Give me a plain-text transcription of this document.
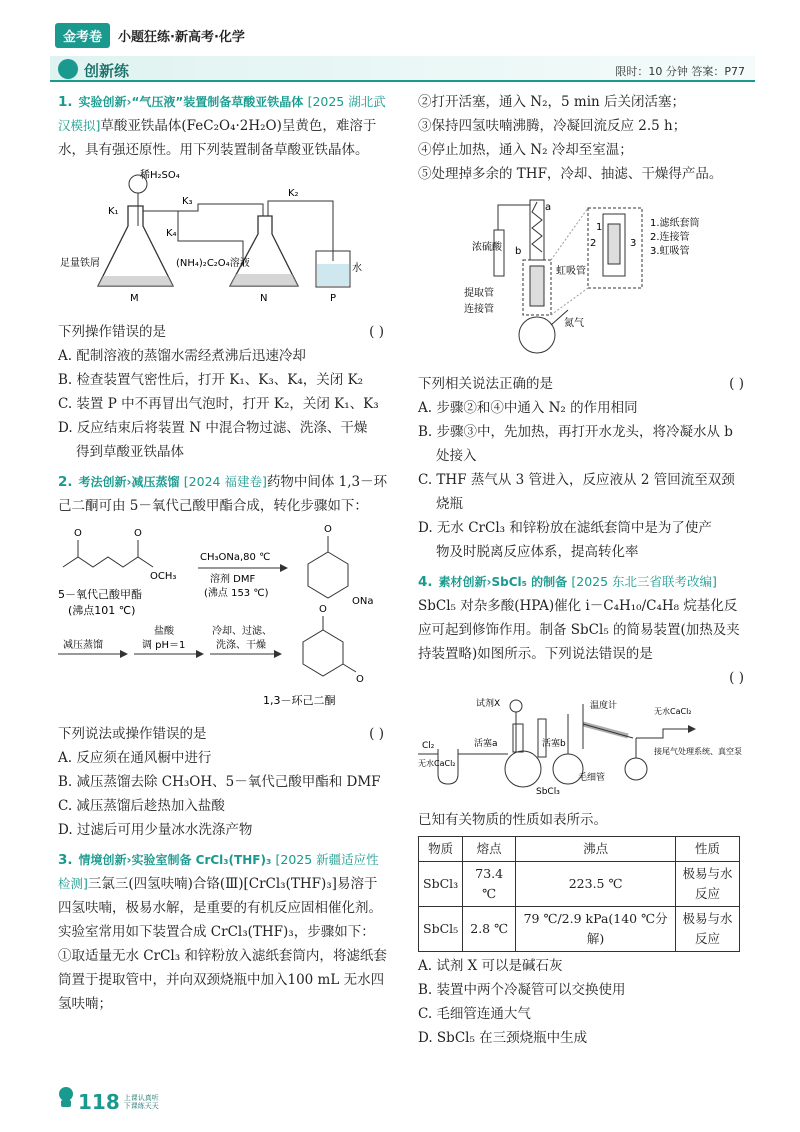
金考卷	小题狂练·新高考·化学
创新练	限时：10 分钟 答案：P77
1. 实验创新›“气压液”装置制备草酸亚铁晶体 [2025 湖北武汉模拟]草酸亚铁晶体(FeC₂O₄·2H₂O)呈黄色，难溶于水，具有强还原性。用下列装置制备草酸亚铁晶体。
稀H₂SO₄
K₁
K₃
K₂
K₄
足量铁屑	(NH₄)₂C₂O₄溶液	水
M	N	P
下列操作错误的是	( )
A. 配制溶液的蒸馏水需经煮沸后迅速冷却
B. 检查装置气密性后，打开 K₁、K₃、K₄，关闭 K₂
C. 装置 P 中不再冒出气泡时，打开 K₂，关闭 K₁、K₃
D. 反应结束后将装置 N 中混合物过滤、洗涤、干燥
得到草酸亚铁晶体
2. 考法创新›减压蒸馏 [2024 福建卷]药物中间体 1,3－环己二酮可由 5－氧代己酸甲酯合成，转化步骤如下：
O	O
OCH₃
5－氧代己酸甲酯
(沸点101 ℃)
CH₃ONa,80 ℃
溶剂 DMF
(沸点 153 ℃)
O
ONa
减压蒸馏
盐酸
调 pH＝1
冷却、过滤、
洗涤、干燥
O
O
1,3－环己二酮
下列说法或操作错误的是	( )
A. 反应须在通风橱中进行
B. 减压蒸馏去除 CH₃OH、5－氧代己酸甲酯和 DMF
C. 减压蒸馏后趁热加入盐酸
D. 过滤后可用少量冰水洗涤产物
3. 情境创新›实验室制备 CrCl₃(THF)₃ [2025 新疆适应性检测]三氯三(四氢呋喃)合铬(Ⅲ)[CrCl₃(THF)₃]易溶于四氢呋喃，极易水解，是重要的有机反应固相催化剂。实验室常用如下装置合成 CrCl₃(THF)₃，步骤如下：
①取适量无水 CrCl₃ 和锌粉放入滤纸套筒内，将滤纸套筒置于提取管中，并向双颈烧瓶中加入100 mL 无水四氢呋喃；
②打开活塞，通入 N₂，5 min 后关闭活塞；
③保持四氢呋喃沸腾，冷凝回流反应 2.5 h；
④停止加热，通入 N₂ 冷却至室温；
⑤处理掉多余的 THF，冷却、抽滤、干燥得产品。
a
b
浓硫酸
虹吸管
提取管
连接管
氮气
1
2	3
1.滤纸套筒
2.连接管
3.虹吸管
下列相关说法正确的是	( )
A. 步骤②和④中通入 N₂ 的作用相同
B. 步骤③中，先加热，再打开水龙头，将冷凝水从 b
处接入
C. THF 蒸气从 3 管进入，反应液从 2 管回流至双颈
烧瓶
D. 无水 CrCl₃ 和锌粉放在滤纸套筒中是为了使产
物及时脱离反应体系，提高转化率
4. 素材创新›SbCl₅ 的制备 [2025 东北三省联考改编]
SbCl₅ 对杂多酸(HPA)催化 i－C₄H₁₀/C₄H₈ 烷基化反应可起到修饰作用。制备 SbCl₅ 的简易装置(加热及夹持装置略)如图所示。下列说法错误的是
( )
试剂X	温度计
Cl₂
无水CaCl₂
活塞a	活塞b
SbCl₃
毛细管
无水CaCl₂
接尾气处理系统、真空泵
已知有关物质的性质如表所示。
物质	熔点	沸点	性质
SbCl₃	73.4 ℃	223.5 ℃	极易与水反应
SbCl₅	2.8 ℃	79 ℃/2.9 kPa(140 ℃分解)	极易与水反应
A. 试剂 X 可以是碱石灰
B. 装置中两个冷凝管可以交换使用
C. 毛细管连通大气
D. SbCl₅ 在三颈烧瓶中生成
118 上课认真听 下课练天天
